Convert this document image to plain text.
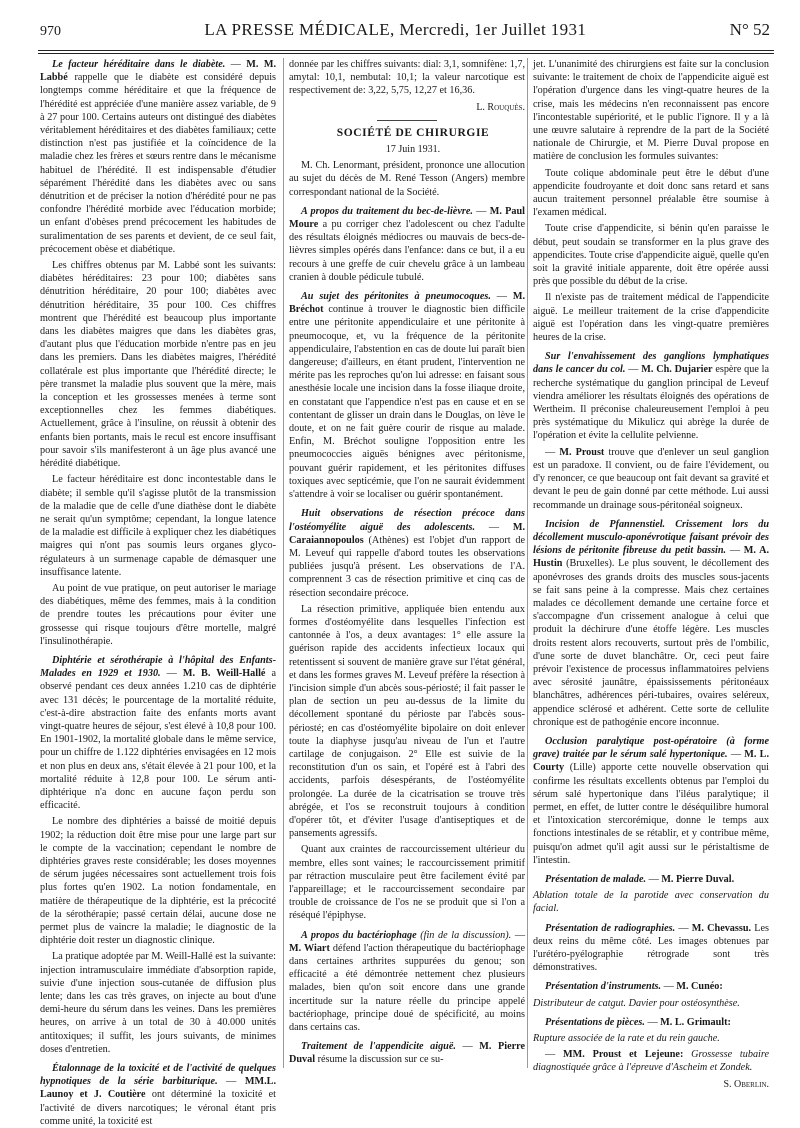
970	LA PRESSE MÉDICALE, Mercredi, 1er Juillet 1931	N° 52

Le facteur héréditaire dans le diabète. — M. M. Labbé rappelle que le diabète est considéré depuis longtemps comme héréditaire et que la fréquence de l'hérédité est appréciée d'une manière assez variable, de 9 à 27 pour 100. Certains auteurs ont distingué des diabètes véritablement héréditaires et des diabètes familiaux; cette distinction n'est pas justifiée et la coïncidence de la maladie chez les frères et sœurs rentre dans le mécanisme habituel de l'hérédité. Il est indispensable d'étudier séparément l'hérédité dans les diabètes avec ou sans dénutrition et de préciser la notion d'hérédité pour ne pas confondre l'hérédité morbide avec l'éducation morbide; un enfant d'obèses prend précocement les habitudes de suralimentation de ses parents et devient, de ce seul fait, précocement obèse et diabétique.

Les chiffres obtenus par M. Labbé sont les suivants: diabètes héréditaires: 23 pour 100; diabètes sans dénutrition héréditaire, 20 pour 100; diabètes avec dénutrition héréditaire, 35 pour 100. Ces chiffres montrent que l'hérédité est beaucoup plus importante dans les diabètes maigres que dans les diabètes gras, d'autant plus que l'éducation morbide n'entre pas en jeu dans les premiers. Dans les diabètes maigres, l'hérédité collatérale est plus importante que l'hérédité directe; le père transmet la maladie plus souvent que la mère, mais la conception et les grossesses menées à terme sont exceptionnelles chez les femmes diabétiques. Actuellement, grâce à l'insuline, on réussit à obtenir des enfants bien portants, mais le recul est encore insuffisant pour savoir s'ils manifesteront à un âge plus avancé une hérédité diabétique.

Le facteur héréditaire est donc incontestable dans le diabète; il semble qu'il s'agisse plutôt de la transmission de la maladie que de celle d'une diathèse dont le diabète ne serait qu'un symptôme; cependant, la longue latence de la maladie est difficile à expliquer chez les diabétiques maigres qui n'ont pas soumis leurs organes glyco-régulateurs à un surmenage capable de démasquer une insuffisance latente.

Au point de vue pratique, on peut autoriser le mariage des diabétiques, même des femmes, mais à la condition de prendre toutes les précautions pour éviter une grossesse qui risque toujours d'être mortelle, malgré l'insulinothérapie.

Diphtérie et sérothérapie à l'hôpital des Enfants-Malades en 1929 et 1930. — M. B. Weill-Hallé a observé pendant ces deux années 1.210 cas de diphtérie avec 131 décès; le pourcentage de la mortalité réduite, c'est-à-dire abstraction faite des enfants morts avant vingt-quatre heures de séjour, s'est élevé à 10,8 pour 100. En 1901-1902, la mortalité globale dans le même service, pour un chiffre de 1.122 diphtéries envisagées en 12 mois et non plus en deux ans, s'était élevée à 21 pour 100, et la mortalité réduite à 12,8 pour 100. Le sérum anti-diphtérique n'a donc en aucune façon perdu son efficacité.

Le nombre des diphtéries a baissé de moitié depuis 1902; la réduction doit être mise pour une large part sur le compte de la vaccination; cependant le nombre de diphtéries graves reste considérable; les doses moyennes de sérum jugées nécessaires sont actuellement trois fois plus fortes qu'en 1902. La notion fondamentale, en matière de thérapeutique de la diphtérie, est la précocité de la sérothérapie; passé certain délai, aucune dose ne permet plus de vaincre la maladie; le diagnostic de la diphtérie doit rester un diagnostic clinique.

La pratique adoptée par M. Weill-Hallé est la suivante: injection intramusculaire immédiate d'absorption rapide, suivie d'une injection sous-cutanée de diffusion plus lente; dans les cas très graves, on injecte au bout d'une demi-heure du sérum dans les veines. Dans les premières heures, on arrive à un total de 30 à 40.000 unités antitoxiques; il suffit, les jours suivants, de minimes doses d'entretien.

Étalonnage de la toxicité et de l'activité de quelques hypnotiques de la série barbiturique. — MM.L. Launoy et J. Coutière ont déterminé la toxicité et l'activité de divers narcotiques; le véronal étant pris comme unité, la toxicité est

donnée par les chiffres suivants: dial: 3,1, somnifène: 1,7, amytal: 10,1, nembutal: 10,1; la valeur narcotique est respectivement de: 3,22, 5,75, 12,27 et 16,36.

L. Rouquès.

SOCIÉTÉ DE CHIRURGIE

17 Juin 1931.

M. Ch. Lenormant, président, prononce une allocution au sujet du décès de M. René Tesson (Angers) membre correspondant national de la Société.

A propos du traitement du bec-de-lièvre. — M. Paul Moure a pu corriger chez l'adolescent ou chez l'adulte des résultats éloignés médiocres ou mauvais de becs-de-lièvres simples opérés dans l'enfance: dans ce but, il a eu recours à une greffe de cuir chevelu grâce à un lambeau cranien à double pédicule tubulé.

Au sujet des péritonites à pneumocoques. — M. Bréchot continue à trouver le diagnostic bien difficile entre une péritonite appendiculaire et une péritonite à pneumocoque, et, vu la fréquence de la péritonite appendiculaire, l'abstention en cas de doute lui paraît bien dangereuse; d'ailleurs, en étant prudent, l'intervention ne mérite pas les reproches qu'on lui adresse: en faisant sous anesthésie locale une incision dans la fosse iliaque droite, en constatant que l'appendice n'est pas en cause et en se contentant de glisser un drain dans le Douglas, on lève le doute, et on ne fait guère courir de risque au malade. Enfin, M. Bréchot souligne l'opposition entre les pneumococcies aiguës bénignes avec péritonisme, pouvant guérir rapidement, et les péritonites diffuses toxiques avec septicémie, que l'on ne saurait évidemment s'attendre à voir se localiser ou guérir spontanément.

Huit observations de résection précoce dans l'ostéomyélite aiguë des adolescents. — M. Caraiannopoulos (Athènes) est l'objet d'un rapport de M. Leveuf qui rappelle d'abord toutes les observations publiées jusqu'à présent. Les observations de l'A. comprennent 3 cas de résection primitive et cinq cas de résection secondaire précoce.

La résection primitive, appliquée bien entendu aux formes d'ostéomyélite dans lesquelles l'infection est cantonnée à l'os, a deux avantages: 1° elle assure la guérison rapide des accidents infectieux locaux qui retentissent si souvent de manière grave sur l'état général, et dans les formes graves M. Leveuf préfère la résection à l'incision simple d'un abcès sous-périosté; il fait passer le plan de section un peu au-dessus de la limite du décollement spontané du périoste par l'abcès sous-périosté; en cas d'ostéomyélite bipolaire on doit enlever toute la diaphyse jusqu'au niveau de l'un et l'autre cartilage de conjugaison. 2° Elle est suivie de la reconstitution d'un os sain, et l'opéré est à l'abri des accidents, parfois désespérants, de l'ostéomyélite prolongée. La durée de la cicatrisation se trouve très abrégée, et l'os se reconstruit toujours à condition d'opérer tôt, et d'éviter l'usage d'antiseptiques et de pansements agressifs.

Quant aux craintes de raccourcissement ultérieur du membre, elles sont vaines; le raccourcissement primitif par rétraction musculaire peut être facilement évité par l'appareillage; et le raccourcissement secondaire par trouble de croissance de l'os ne se produit que si l'on a réséqué l'épiphyse.

A propos du bactériophage (fin de la discussion). — M. Wiart défend l'action thérapeutique du bactériophage dans certaines arthrites suppurées du genou; son efficacité a été démontrée nettement chez plusieurs malades, bien qu'on soit encore dans une grande incertitude sur la nature réelle du principe appelé bactériophage, principe doué de spécificité, au moins dans certains cas.

Traitement de l'appendicite aiguë. — M. Pierre Duval résume la discussion sur ce su-

jet. L'unanimité des chirurgiens est faite sur la conclusion suivante: le traitement de choix de l'appendicite aiguë est l'opération d'urgence dans les vingt-quatre heures de la crise, mais les médecins n'en reconnaissent pas encore l'incontestable supériorité, et le public l'ignore. Il y a là une œuvre salutaire à reprendre de la part de la Société nationale de Chirurgie, et M. Pierre Duval propose en matière de conclusion les formules suivantes:

Toute colique abdominale peut être le début d'une appendicite foudroyante et doit donc sans retard et sans aucun traitement personnel préalable être soumise à l'examen médical.

Toute crise d'appendicite, si bénin qu'en paraisse le début, peut soudain se transformer en la plus grave des appendicites. Toute crise d'appendicite aiguë, quelle qu'en soit la gravité initiale apparente, doit être opérée aussi près que possible du début de la crise.

Il n'existe pas de traitement médical de l'appendicite aiguë. Le meilleur traitement de la crise d'appendicite aiguë est l'opération dans les vingt-quatre premières heures de la crise.

Sur l'envahissement des ganglions lymphatiques dans le cancer du col. — M. Ch. Dujarier espère que la recherche systématique du ganglion principal de Leveuf viendra améliorer les résultats éloignés des opérations de Wertheim. Il préconise chaleureusement l'emploi à peu près systématique du Mikulicz qui abrège la durée de l'opération et évite la cellulite pelvienne.

— M. Proust trouve que d'enlever un seul ganglion est un paradoxe. Il convient, ou de faire l'évidement, ou d'y renoncer, ce que beaucoup ont fait devant sa gravité et devant le peu de gain donné par cette méthode. Lui aussi recommande un drainage sous-péritonéal soigneux.

Incision de Pfannenstiel. Crissement lors du décollement musculo-aponévrotique faisant prévoir des lésions de péritonite fibreuse du petit bassin. — M. A. Hustin (Bruxelles). Le plus souvent, le décollement des aponévroses des grands droits des muscles sous-jacents se fait sans peine à la compresse. Mais chez certaines malades ce décollement demande une certaine force et s'accompagne d'un crissement analogue à celui que produit la déchirure d'une étoffe légère. Les muscles droits restent alors recouverts, surtout près de l'ombilic, d'une sorte de duvet blanchâtre. Or, ceci peut faire prévoir l'existence de processus inflammatoires pelviens avec sérosité jaunâtre, épaississements péritonéaux blanchâtres, adhérences péri-tubaires, ovaires seléreux, appendice sclérosé et adhérent. Cette sorte de cellulite chronique est de pathogénie encore inconnue.

Occlusion paralytique post-opératoire (à forme grave) traitée par le sérum salé hypertonique. — M. L. Courty (Lille) apporte cette nouvelle observation qui confirme les résultats excellents obtenus par l'emploi du sérum salé hypertonique dans l'iléus paralytique; il permet, en effet, de lutter contre le déséquilibre humoral et l'intoxication stercorémique, donne le temps aux fonctions intestinales de se rétablir, et y contribue même, puisqu'on admet qu'il agit aussi sur le péristaltisme de l'intestin.

Présentation de malade. — M. Pierre Duval.

Ablation totale de la parotide avec conservation du facial.

Présentation de radiographies. — M. Chevassu. Les deux reins du même côté. Les images obtenues par l'urétéro-pyélographie rétrograde sont très démonstratives.

Présentation d'instruments. — M. Cunéo:

Distributeur de catgut. Davier pour ostéosynthèse.

Présentations de pièces. — M. L. Grimault:

Rupture associée de la rate et du rein gauche.

— MM. Proust et Lejeune: Grossesse tubaire diagnostiquée grâce à l'épreuve d'Ascheim et Zondek.

S. Oberlin.
